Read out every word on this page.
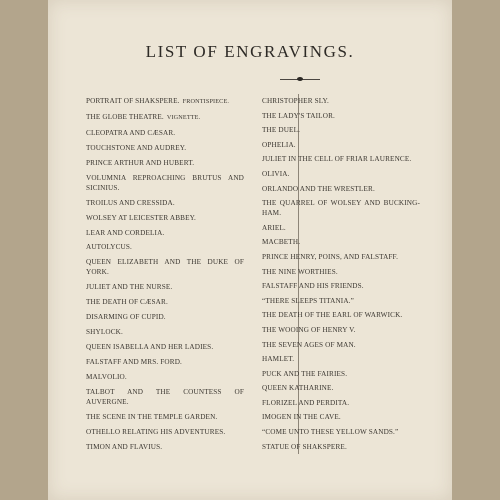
LIST OF ENGRAVINGS.
PORTRAIT OF SHAKSPERE. FRONTISPIECE.
THE GLOBE THEATRE. VIGNETTE.
CLEOPATRA AND CÆSAR.
TOUCHSTONE AND AUDREY.
PRINCE ARTHUR AND HUBERT.
VOLUMNIA REPROACHING BRUTUS AND SICINIUS.
TROILUS AND CRESSIDA.
WOLSEY AT LEICESTER ABBEY.
LEAR AND CORDELIA.
AUTOLYCUS.
QUEEN ELIZABETH AND THE DUKE OF YORK.
JULIET AND THE NURSE.
THE DEATH OF CÆSAR.
DISARMING OF CUPID.
SHYLOCK.
QUEEN ISABELLA AND HER LADIES.
FALSTAFF AND MRS. FORD.
MALVOLIO.
TALBOT AND THE COUNTESS OF AUVERGNE.
THE SCENE IN THE TEMPLE GARDEN.
OTHELLO RELATING HIS ADVENTURES.
TIMON AND FLAVIUS.
CHRISTOPHER SLY.
THE LADY'S TAILOR.
THE DUEL.
OPHELIA.
JULIET IN THE CELL OF FRIAR LAURENCE.
OLIVIA.
ORLANDO AND THE WRESTLER.
THE QUARREL OF WOLSEY AND BUCKING-HAM.
ARIEL.
MACBETH.
PRINCE HENRY, POINS, AND FALSTAFF.
THE NINE WORTHIES.
FALSTAFF AND HIS FRIENDS.
“THERE SLEEPS TITANIA.”
THE DEATH OF THE EARL OF WARWICK.
THE WOOING OF HENRY V.
THE SEVEN AGES OF MAN.
HAMLET.
PUCK AND THE FAIRIES.
QUEEN KATHARINE.
FLORIZEL AND PERDITA.
IMOGEN IN THE CAVE.
“COME UNTO THESE YELLOW SANDS.”
STATUE OF SHAKSPERE.
